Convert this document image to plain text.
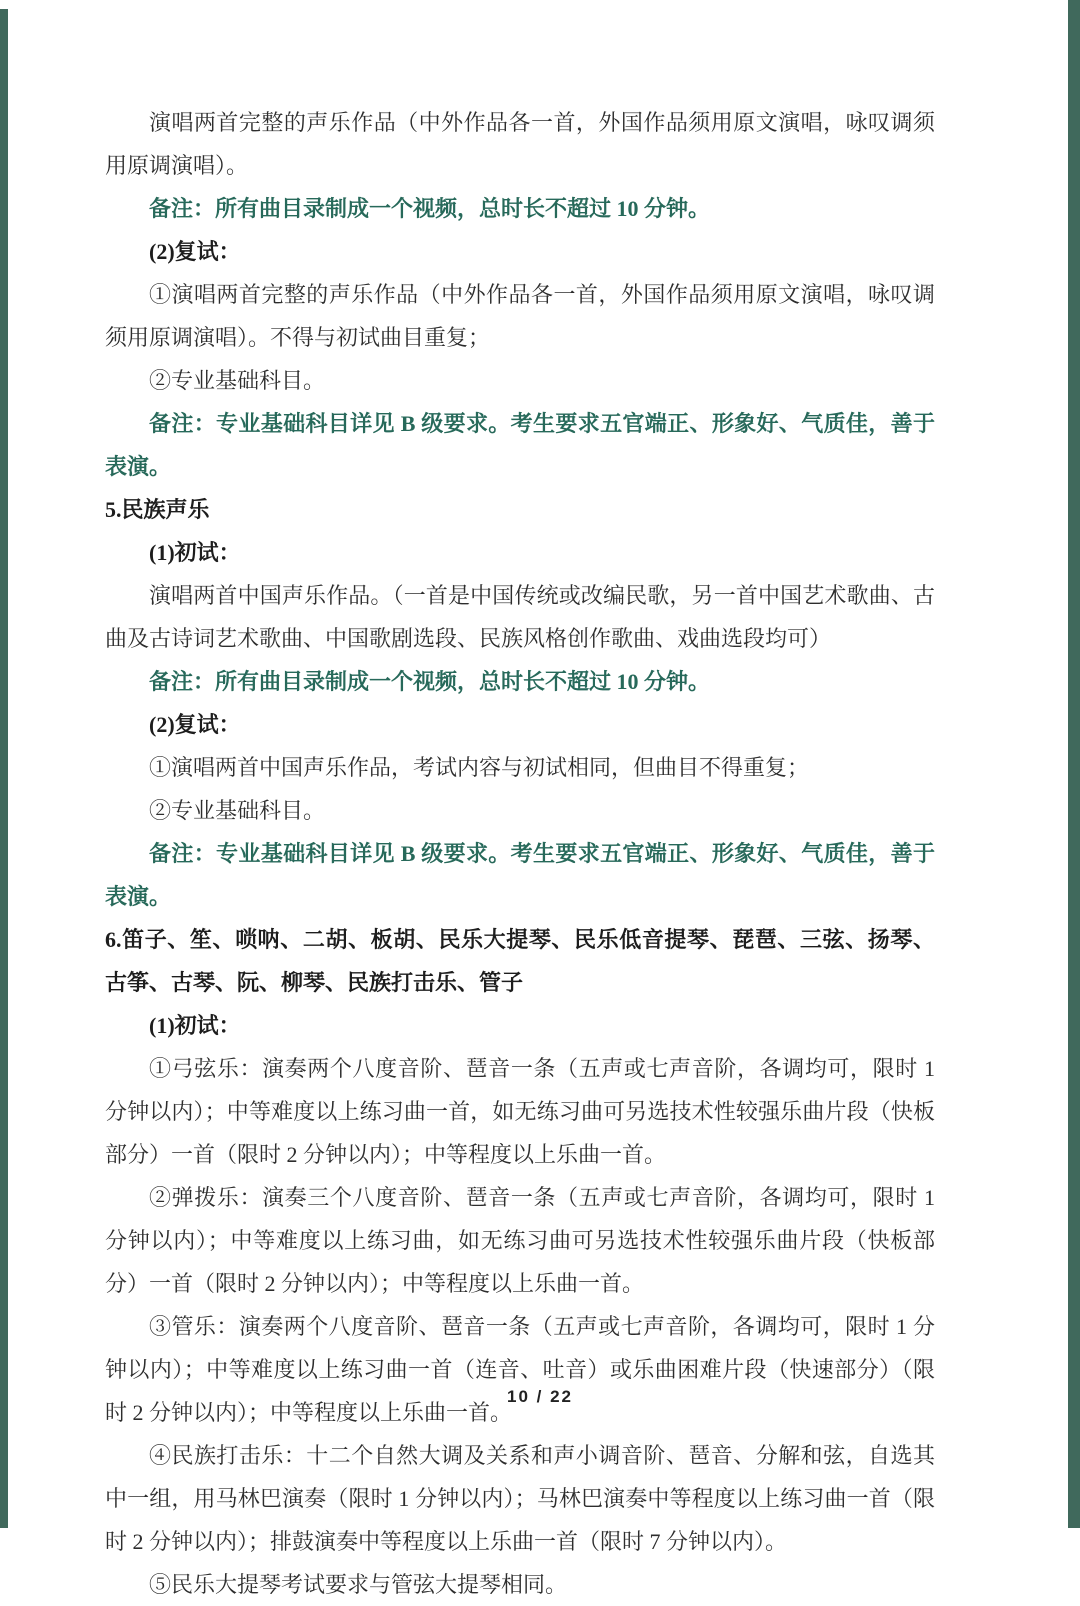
演唱两首完整的声乐作品（中外作品各一首，外国作品须用原文演唱，咏叹调须用原调演唱）。

备注：所有曲目录制成一个视频，总时长不超过 10 分钟。

(2)复试：

①演唱两首完整的声乐作品（中外作品各一首，外国作品须用原文演唱，咏叹调须用原调演唱）。不得与初试曲目重复；

②专业基础科目。

备注：专业基础科目详见 B 级要求。考生要求五官端正、形象好、气质佳，善于表演。

5.民族声乐

(1)初试：

演唱两首中国声乐作品。（一首是中国传统或改编民歌，另一首中国艺术歌曲、古曲及古诗词艺术歌曲、中国歌剧选段、民族风格创作歌曲、戏曲选段均可）

备注：所有曲目录制成一个视频，总时长不超过 10 分钟。

(2)复试：

①演唱两首中国声乐作品，考试内容与初试相同，但曲目不得重复；

②专业基础科目。

备注：专业基础科目详见 B 级要求。考生要求五官端正、形象好、气质佳，善于表演。

6.笛子、笙、唢呐、二胡、板胡、民乐大提琴、民乐低音提琴、琵琶、三弦、扬琴、古筝、古琴、阮、柳琴、民族打击乐、管子

(1)初试：

①弓弦乐：演奏两个八度音阶、琶音一条（五声或七声音阶，各调均可，限时 1 分钟以内）；中等难度以上练习曲一首，如无练习曲可另选技术性较强乐曲片段（快板部分）一首（限时 2 分钟以内）；中等程度以上乐曲一首。

②弹拨乐：演奏三个八度音阶、琶音一条（五声或七声音阶，各调均可，限时 1 分钟以内）；中等难度以上练习曲，如无练习曲可另选技术性较强乐曲片段（快板部分）一首（限时 2 分钟以内）；中等程度以上乐曲一首。

③管乐：演奏两个八度音阶、琶音一条（五声或七声音阶，各调均可，限时 1 分钟以内）；中等难度以上练习曲一首（连音、吐音）或乐曲困难片段（快速部分）（限时 2 分钟以内）；中等程度以上乐曲一首。

④民族打击乐：十二个自然大调及关系和声小调音阶、琶音、分解和弦，自选其中一组，用马林巴演奏（限时 1 分钟以内）；马林巴演奏中等程度以上练习曲一首（限时 2 分钟以内）；排鼓演奏中等程度以上乐曲一首（限时 7 分钟以内）。

⑤民乐大提琴考试要求与管弦大提琴相同。

10 / 22
